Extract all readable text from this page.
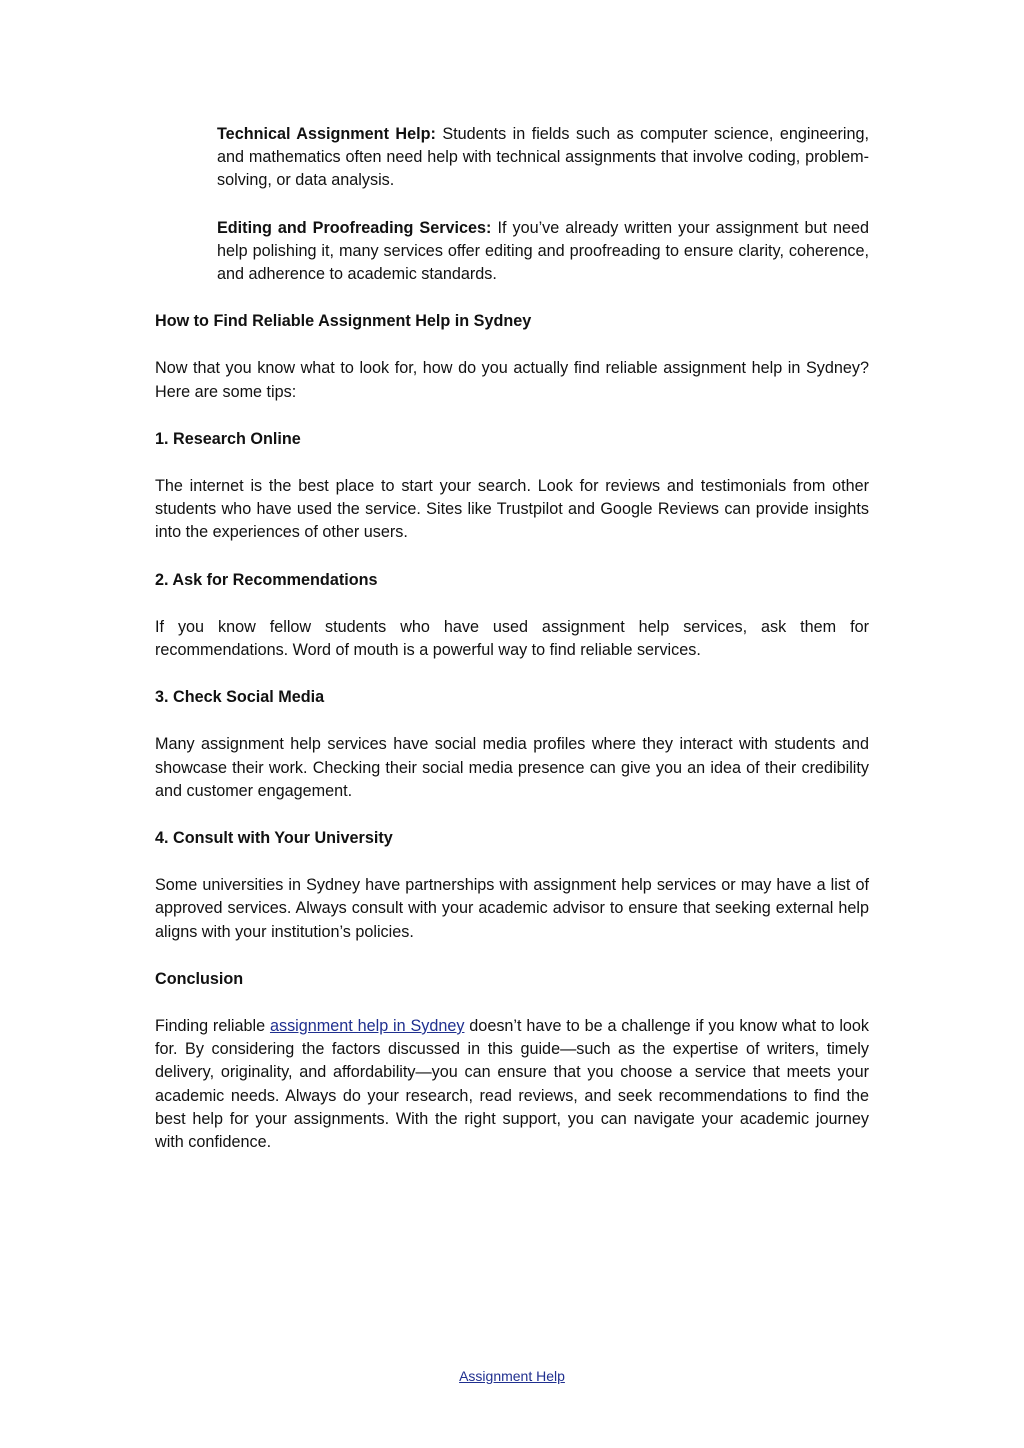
Technical Assignment Help: Students in fields such as computer science, engineering, and mathematics often need help with technical assignments that involve coding, problem-solving, or data analysis.

Editing and Proofreading Services: If you’ve already written your assignment but need help polishing it, many services offer editing and proofreading to ensure clarity, coherence, and adherence to academic standards.

How to Find Reliable Assignment Help in Sydney

Now that you know what to look for, how do you actually find reliable assignment help in Sydney? Here are some tips:

1. Research Online

The internet is the best place to start your search. Look for reviews and testimonials from other students who have used the service. Sites like Trustpilot and Google Reviews can provide insights into the experiences of other users.

2. Ask for Recommendations

If you know fellow students who have used assignment help services, ask them for recommendations. Word of mouth is a powerful way to find reliable services.

3. Check Social Media

Many assignment help services have social media profiles where they interact with students and showcase their work. Checking their social media presence can give you an idea of their credibility and customer engagement.

4. Consult with Your University

Some universities in Sydney have partnerships with assignment help services or may have a list of approved services. Always consult with your academic advisor to ensure that seeking external help aligns with your institution’s policies.

Conclusion

Finding reliable assignment help in Sydney doesn’t have to be a challenge if you know what to look for. By considering the factors discussed in this guide—such as the expertise of writers, timely delivery, originality, and affordability—you can ensure that you choose a service that meets your academic needs. Always do your research, read reviews, and seek recommendations to find the best help for your assignments. With the right support, you can navigate your academic journey with confidence.

Assignment Help
